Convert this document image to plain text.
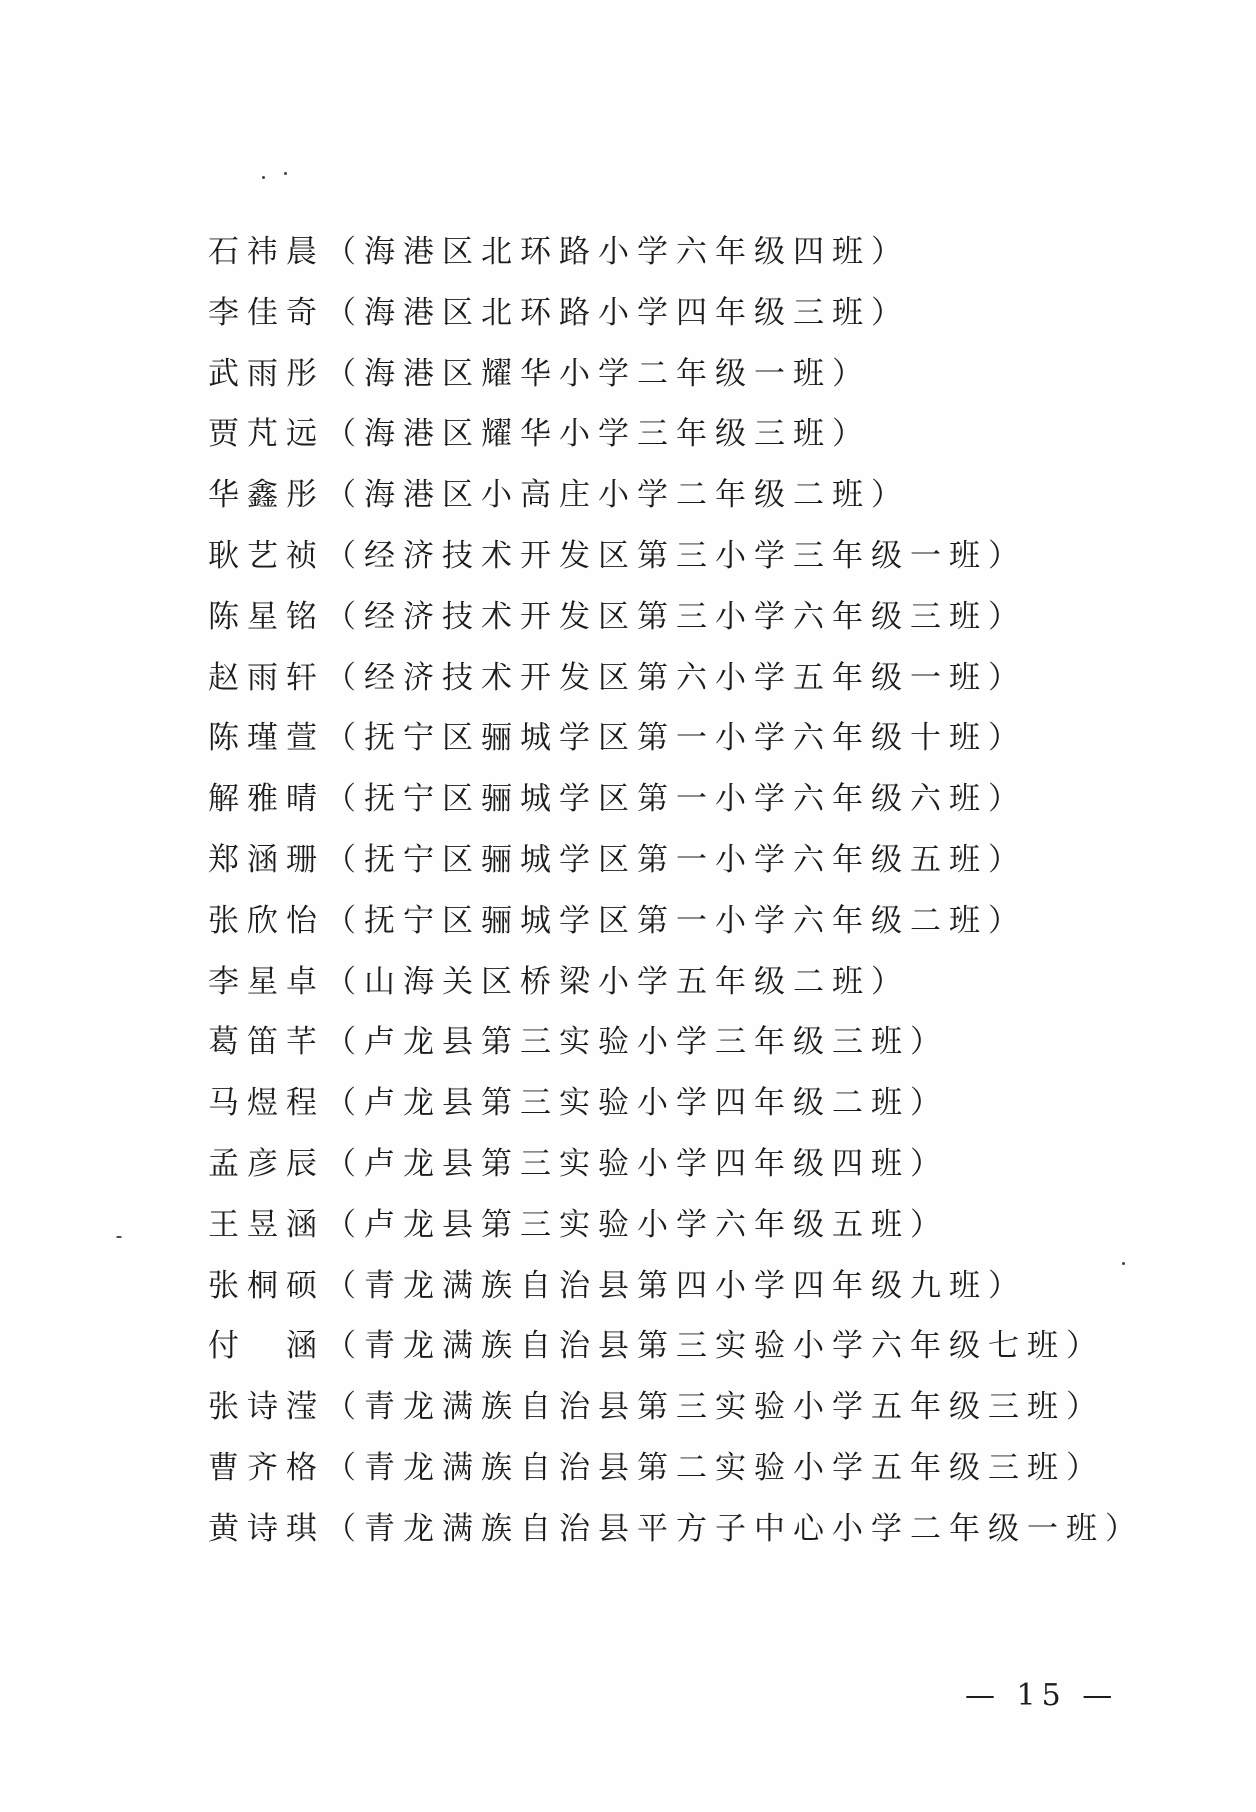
石祎晨（海港区北环路小学六年级四班）
李佳奇（海港区北环路小学四年级三班）
武雨彤（海港区耀华小学二年级一班）
贾芃远（海港区耀华小学三年级三班）
华鑫彤（海港区小高庄小学二年级二班）
耿艺祯（经济技术开发区第三小学三年级一班）
陈星铭（经济技术开发区第三小学六年级三班）
赵雨轩（经济技术开发区第六小学五年级一班）
陈瑾萱（抚宁区骊城学区第一小学六年级十班）
解雅晴（抚宁区骊城学区第一小学六年级六班）
郑涵珊（抚宁区骊城学区第一小学六年级五班）
张欣怡（抚宁区骊城学区第一小学六年级二班）
李星卓（山海关区桥梁小学五年级二班）
葛笛芊（卢龙县第三实验小学三年级三班）
马煜程（卢龙县第三实验小学四年级二班）
孟彦辰（卢龙县第三实验小学四年级四班）
王昱涵（卢龙县第三实验小学六年级五班）
张桐硕（青龙满族自治县第四小学四年级九班）
付　涵（青龙满族自治县第三实验小学六年级七班）
张诗滢（青龙满族自治县第三实验小学五年级三班）
曹齐格（青龙满族自治县第二实验小学五年级三班）
黄诗琪（青龙满族自治县平方子中心小学二年级一班）
— 15 —
